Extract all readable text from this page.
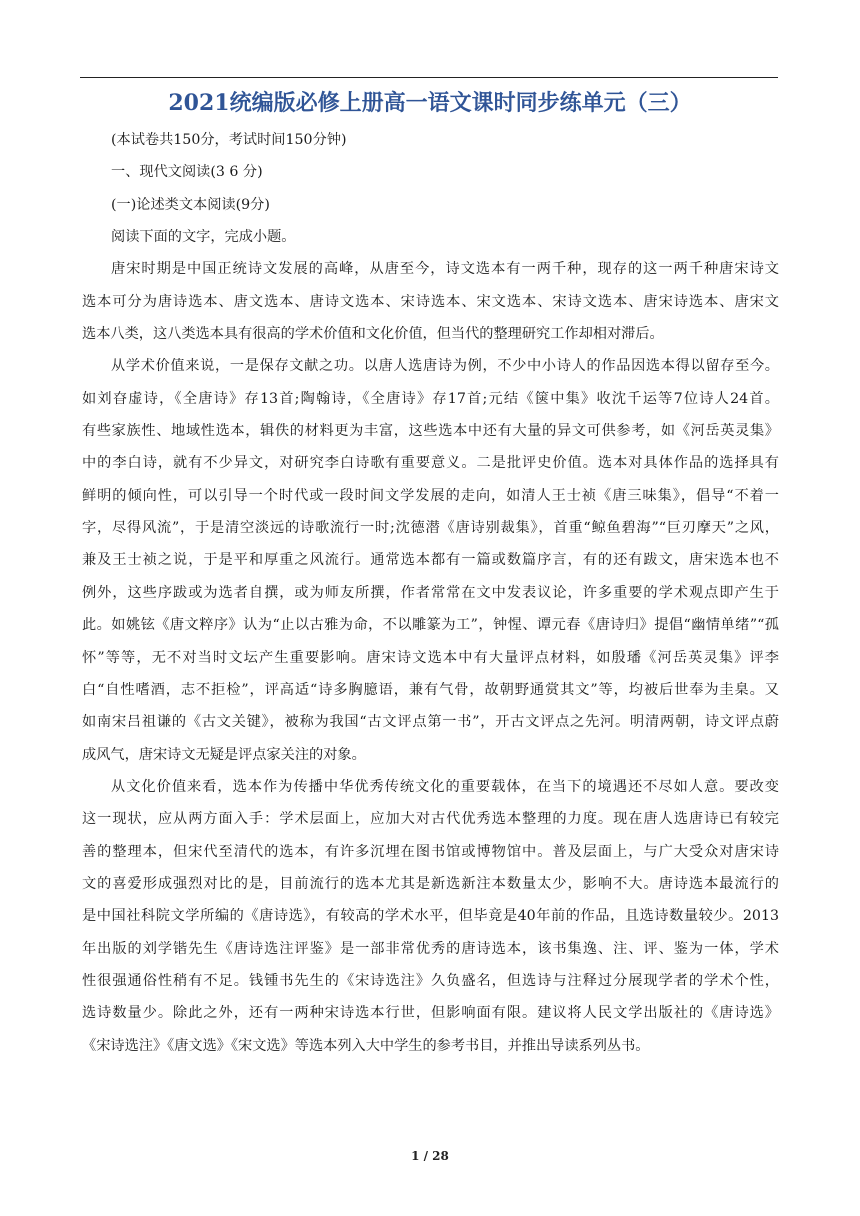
2021统编版必修上册高一语文课时同步练单元（三）
(本试卷共150分，考试时间150分钟)
一、现代文阅读(3 6 分)
(一)论述类文本阅读(9分)
阅读下面的文字，完成小题。
唐宋时期是中国正统诗文发展的高峰，从唐至今，诗文选本有一两千种，现存的这一两千种唐宋诗文
选本可分为唐诗选本、唐文选本、唐诗文选本、宋诗选本、宋文选本、宋诗文选本、唐宋诗选本、唐宋文
选本八类，这八类选本具有很高的学术价值和文化价值，但当代的整理研究工作却相对滞后。
从学术价值来说，一是保存文献之功。以唐人选唐诗为例，不少中小诗人的作品因选本得以留存至今。
如刘昚虚诗，《全唐诗》存13首;陶翰诗，《全唐诗》存17首;元结《箧中集》收沈千运等7位诗人24首。
有些家族性、地域性选本，辑佚的材料更为丰富，这些选本中还有大量的异文可供参考，如《河岳英灵集》
中的李白诗，就有不少异文，对研究李白诗歌有重要意义。二是批评史价值。选本对具体作品的选择具有
鲜明的倾向性，可以引导一个时代或一段时间文学发展的走向，如清人王士祯《唐三味集》，倡导“不着一
字，尽得风流”，于是清空淡远的诗歌流行一时;沈德潜《唐诗别裁集》，首重“鲸鱼碧海”“巨刃摩天”之风，
兼及王士祯之说，于是平和厚重之风流行。通常选本都有一篇或数篇序言，有的还有跋文，唐宋选本也不
例外，这些序跋或为选者自撰，或为师友所撰，作者常常在文中发表议论，许多重要的学术观点即产生于
此。如姚铉《唐文粹序》认为“止以古雅为命，不以雕篆为工”，钟惺、谭元春《唐诗归》提倡“幽情单绪”“孤
怀”等等，无不对当时文坛产生重要影响。唐宋诗文选本中有大量评点材料，如殷璠《河岳英灵集》评李
白“自性嗜酒，志不拒检”，评高适“诗多胸臆语，兼有气骨，故朝野通赏其文”等，均被后世奉为圭臬。又
如南宋吕祖谦的《古文关键》，被称为我国“古文评点第一书”，开古文评点之先河。明清两朝，诗文评点蔚
成风气，唐宋诗文无疑是评点家关注的对象。
从文化价值来看，选本作为传播中华优秀传统文化的重要载体，在当下的境遇还不尽如人意。要改变
这一现状，应从两方面入手：学术层面上，应加大对古代优秀选本整理的力度。现在唐人选唐诗已有较完
善的整理本，但宋代至清代的选本，有许多沉埋在图书馆或博物馆中。普及层面上，与广大受众对唐宋诗
文的喜爱形成强烈对比的是，目前流行的选本尤其是新选新注本数量太少，影响不大。唐诗选本最流行的
是中国社科院文学所编的《唐诗选》，有较高的学术水平，但毕竟是40年前的作品，且选诗数量较少。2013
年出版的刘学锴先生《唐诗选注评鉴》是一部非常优秀的唐诗选本，该书集逸、注、评、鉴为一体，学术
性很强通俗性稍有不足。钱锺书先生的《宋诗选注》久负盛名，但选诗与注释过分展现学者的学术个性，
选诗数量少。除此之外，还有一两种宋诗选本行世，但影响面有限。建议将人民文学出版社的《唐诗选》
《宋诗选注》《唐文选》《宋文选》等选本列入大中学生的参考书目，并推出导读系列丛书。
1 / 28
